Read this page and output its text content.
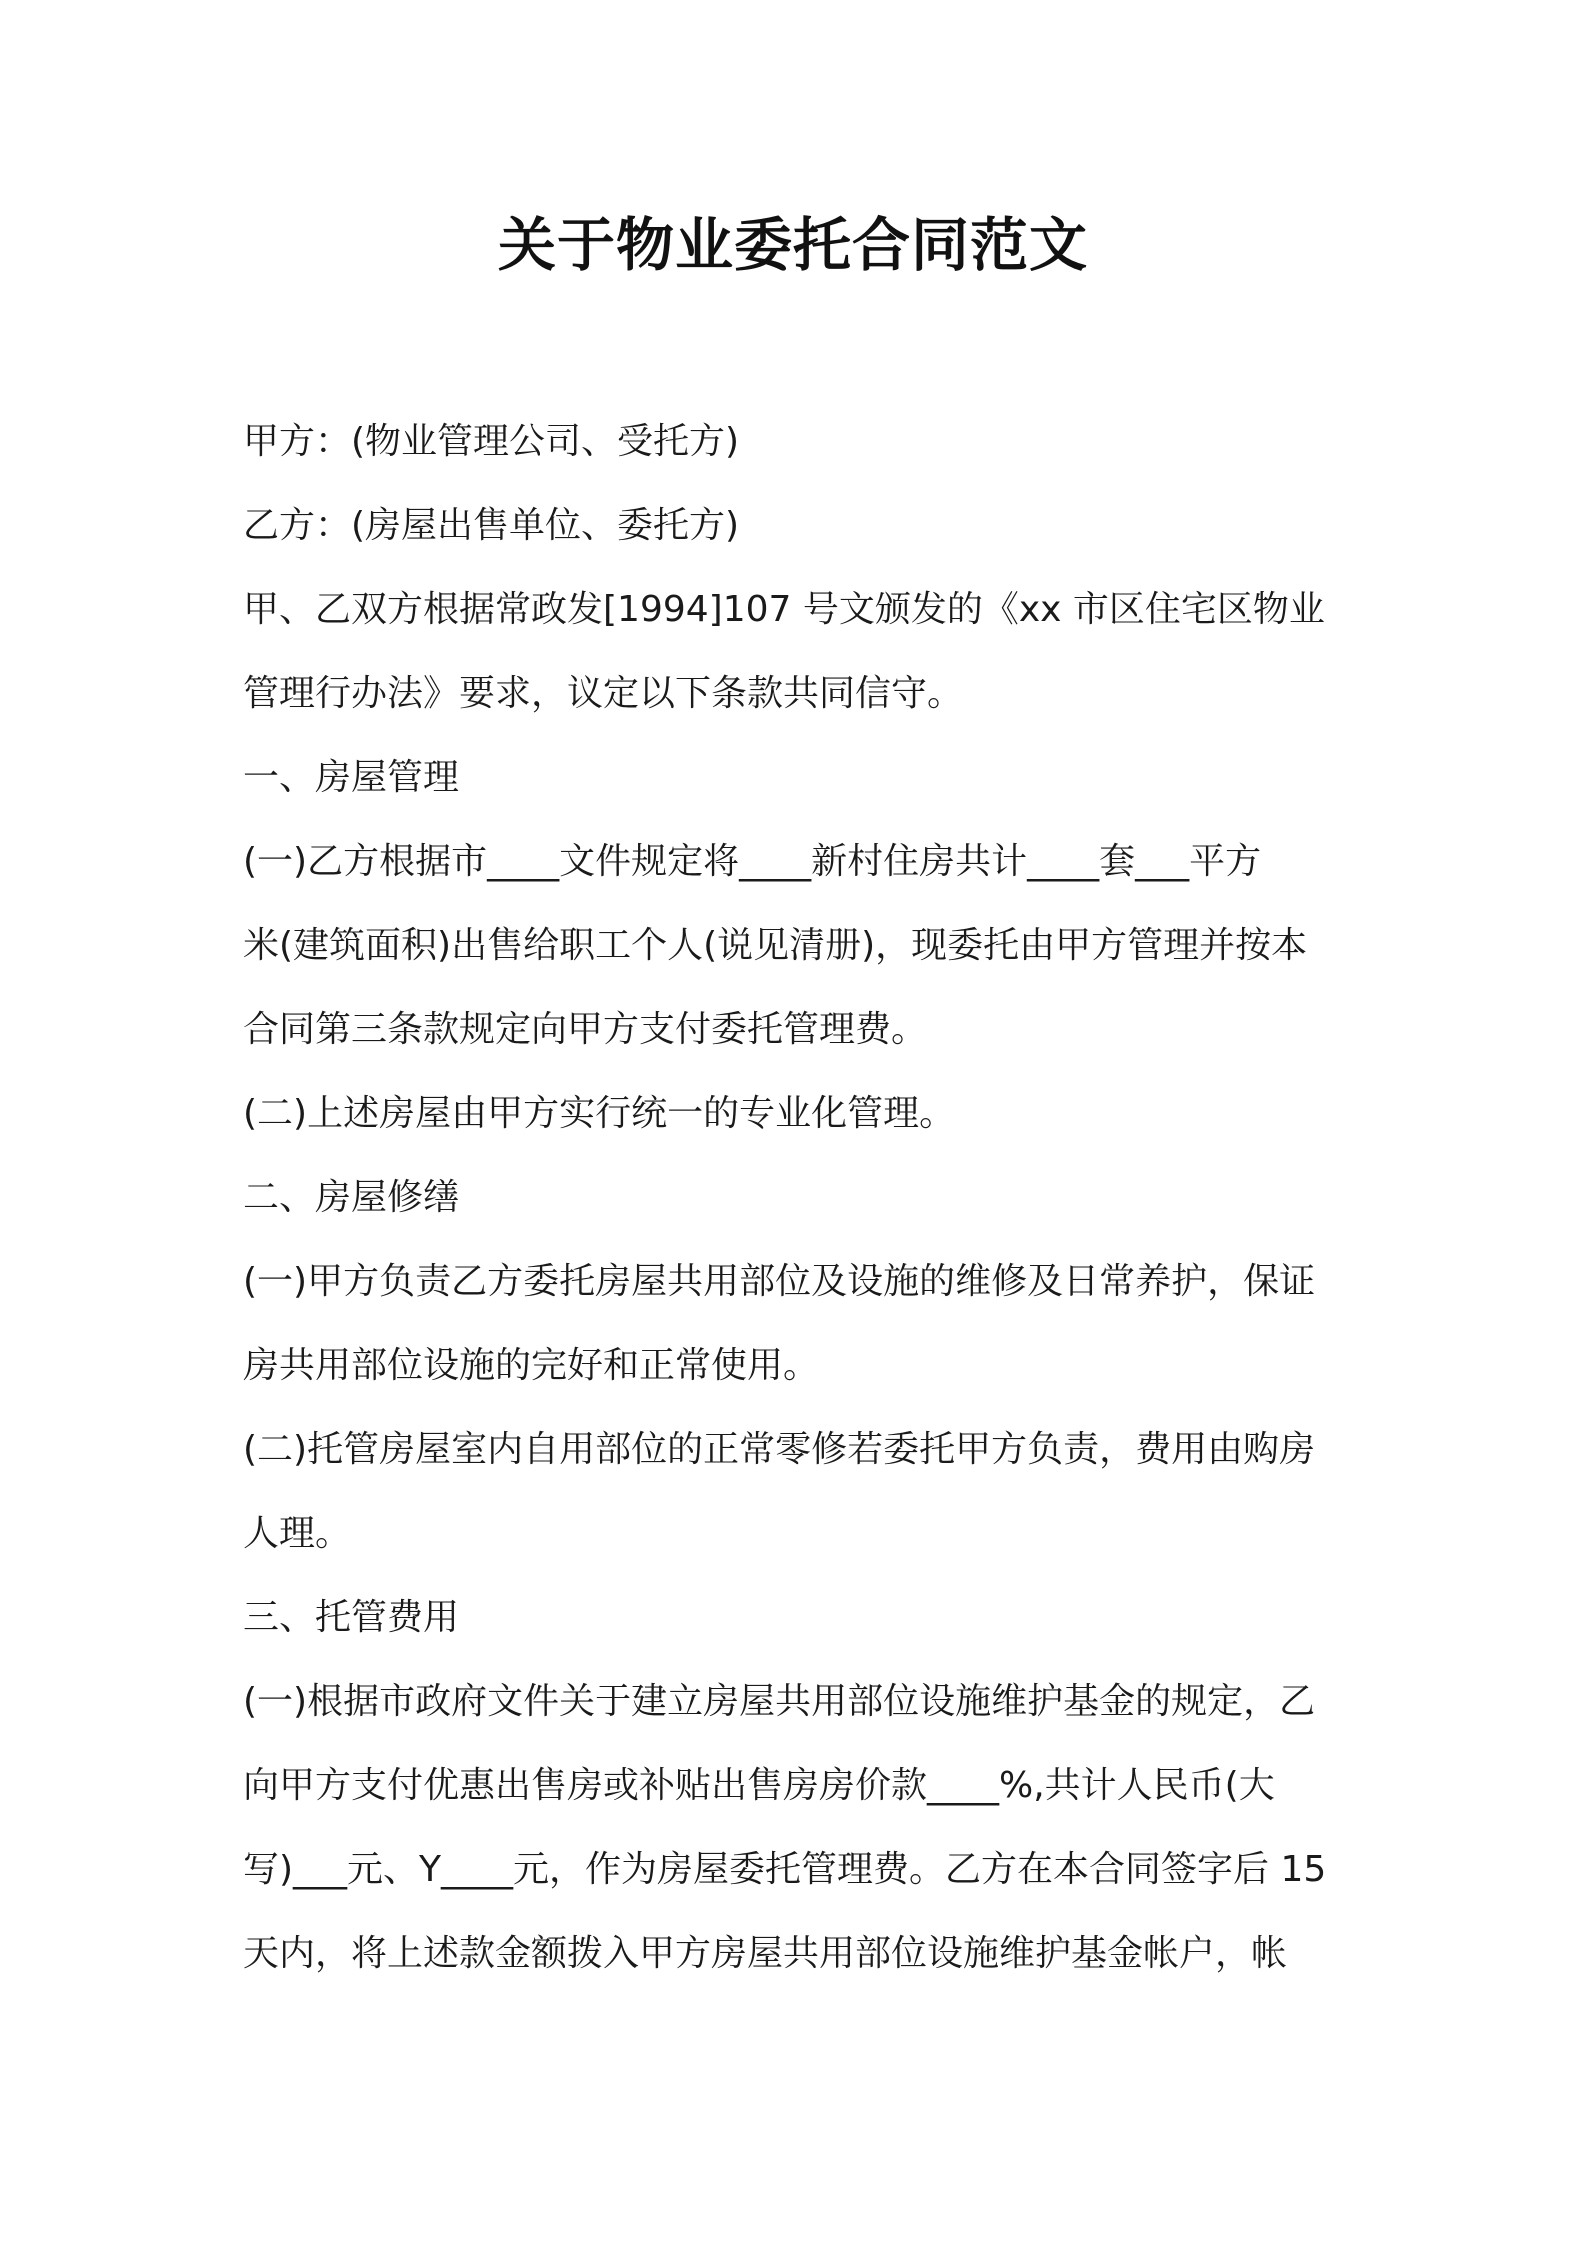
关于物业委托合同范文

甲方：(物业管理公司、受托方)

乙方：(房屋出售单位、委托方)

甲、乙双方根据常政发[1994]107 号文颁发的《xx 市区住宅区物业

管理行办法》要求，议定以下条款共同信守。

一、房屋管理

(一)乙方根据市____文件规定将____新村住房共计____套___平方

米(建筑面积)出售给职工个人(说见清册)，现委托由甲方管理并按本

合同第三条款规定向甲方支付委托管理费。

(二)上述房屋由甲方实行统一的专业化管理。

二、房屋修缮

(一)甲方负责乙方委托房屋共用部位及设施的维修及日常养护，保证

房共用部位设施的完好和正常使用。

(二)托管房屋室内自用部位的正常零修若委托甲方负责，费用由购房

人理。

三、托管费用

(一)根据市政府文件关于建立房屋共用部位设施维护基金的规定，乙

向甲方支付优惠出售房或补贴出售房房价款____%,共计人民币(大

写)___元、Y____元，作为房屋委托管理费。乙方在本合同签字后 15

天内，将上述款金额拨入甲方房屋共用部位设施维护基金帐户，帐
